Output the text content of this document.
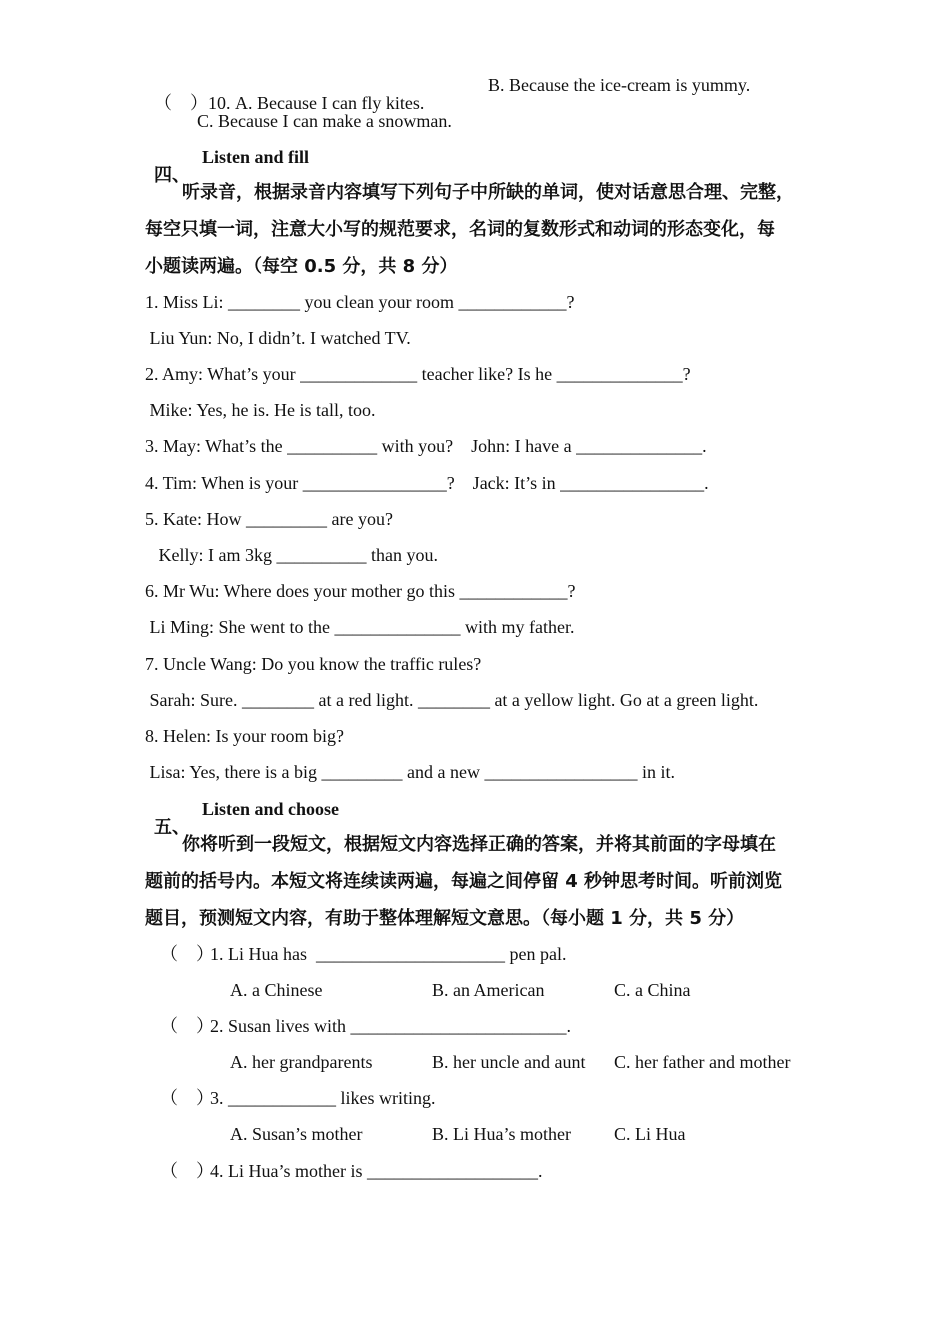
（    ）10. A. Because I can fly kites.

B. Because the ice-cream is yummy.
C. Because I can make a snowman.

四、

Listen and fill
听录音，根据录音内容填写下列句子中所缺的单词，使对话意思合理、完整，
每空只填一词，注意大小写的规范要求，名词的复数形式和动词的形态变化，每
小题读两遍。（每空 0.5 分，共 8 分）
1. Miss Li: ________ you clean your room ____________?
Liu Yun: No, I didn’t. I watched TV.
2. Amy: What’s your _____________ teacher like? Is he ______________?
Mike: Yes, he is. He is tall, too.
3. May: What’s the __________ with you?    John: I have a ______________.
4. Tim: When is your ________________?    Jack: It’s in ________________.
5. Kate: How _________ are you?
Kelly: I am 3kg __________ than you.
6. Mr Wu: Where does your mother go this ____________?
Li Ming: She went to the ______________ with my father.
7. Uncle Wang: Do you know the traffic rules?
Sarah: Sure. ________ at a red light. ________ at a yellow light. Go at a green light.
8. Helen: Is your room big?
Lisa: Yes, there is a big _________ and a new _________________ in it.

五、

Listen and choose
你将听到一段短文，根据短文内容选择正确的答案，并将其前面的字母填在
题前的括号内。本短文将连续读两遍，每遍之间停留 4 秒钟思考时间。听前浏览
题目，预测短文内容，有助于整体理解短文意思。（每小题 1 分，共 5 分）
（    ）
1. Li Hua has  _____________________ pen pal.
A. a Chinese	B. an American	C. a China
（    ）
2. Susan lives with ________________________.
A. her grandparents	B. her uncle and aunt C. her father and mother
（    ）
3. ____________ likes writing.
A. Susan’s mother	B. Li Hua’s mother C. Li Hua
（    ）
4. Li Hua’s mother is ___________________.
